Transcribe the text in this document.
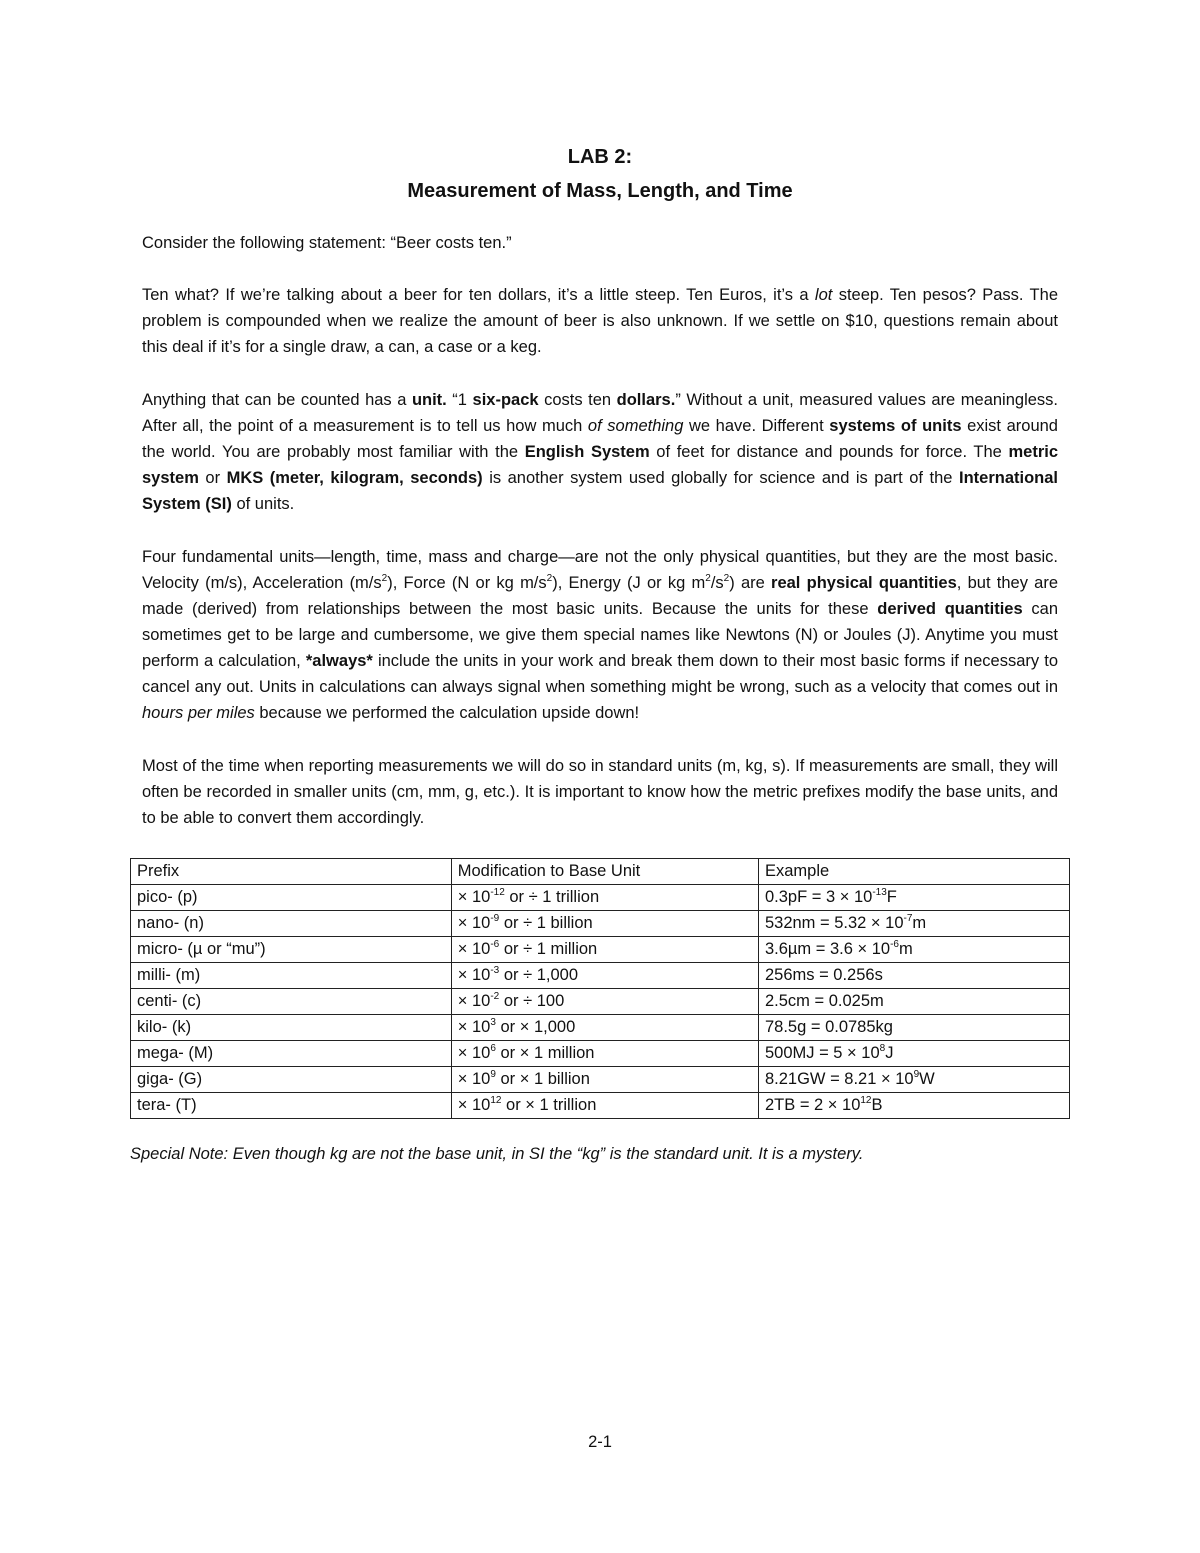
LAB 2:
Measurement of Mass, Length, and Time

Consider the following statement: “Beer costs ten.”

Ten what? If we’re talking about a beer for ten dollars, it’s a little steep. Ten Euros, it’s a lot steep. Ten pesos? Pass. The problem is compounded when we realize the amount of beer is also unknown. If we settle on $10, questions remain about this deal if it’s for a single draw, a can, a case or a keg.

Anything that can be counted has a unit. “1 six-pack costs ten dollars.” Without a unit, measured values are meaningless. After all, the point of a measurement is to tell us how much of something we have. Different systems of units exist around the world. You are probably most familiar with the English System of feet for distance and pounds for force. The metric system or MKS (meter, kilogram, seconds) is another system used globally for science and is part of the International System (SI) of units.

Four fundamental units—length, time, mass and charge—are not the only physical quantities, but they are the most basic. Velocity (m/s), Acceleration $(m/s^2)$, Force (N or kg $m/s^2$), Energy (J or kg $m^2/s^2$) are real physical quantities, but they are made (derived) from relationships between the most basic units. Because the units for these derived quantities can sometimes get to be large and cumbersome, we give them special names like Newtons (N) or Joules (J). Anytime you must perform a calculation, *always* include the units in your work and break them down to their most basic forms if necessary to cancel any out. Units in calculations can always signal when something might be wrong, such as a velocity that comes out in hours per miles because we performed the calculation upside down!

Most of the time when reporting measurements we will do so in standard units (m, kg, s). If measurements are small, they will often be recorded in smaller units (cm, mm, g, etc.). It is important to know how the metric prefixes modify the base units, and to be able to convert them accordingly.

Prefix	Modification to Base Unit	Example
pico- (p)	× $10^{-12}$ or ÷ 1 trillion	$0.3pF = 3 \times 10^{-13}F$
nano- (n)	× $10^{-9}$ or ÷ 1 billion	$532nm = 5.32 \times 10^{-7}m$
micro- (µ or “mu”)	× $10^{-6}$ or ÷ 1 million	$3.6\mu m = 3.6 \times 10^{-6}m$
milli- (m)	× $10^{-3}$ or ÷ 1,000	256ms = 0.256s
centi- (c)	× $10^{-2}$ or ÷ 100	2.5cm = 0.025m
kilo- (k)	× $10^3$ or × 1,000	78.5g = 0.0785kg
mega- (M)	× $10^6$ or × 1 million	$500MJ = 5 \times 10^8J$
giga- (G)	× $10^9$ or × 1 billion	$8.21GW = 8.21 \times 10^9W$
tera- (T)	× $10^{12}$ or × 1 trillion	$2TB = 2 \times 10^{12}B$
Special Note: Even though kg are not the base unit, in SI the “kg” is the standard unit. It is a mystery.
2-1
